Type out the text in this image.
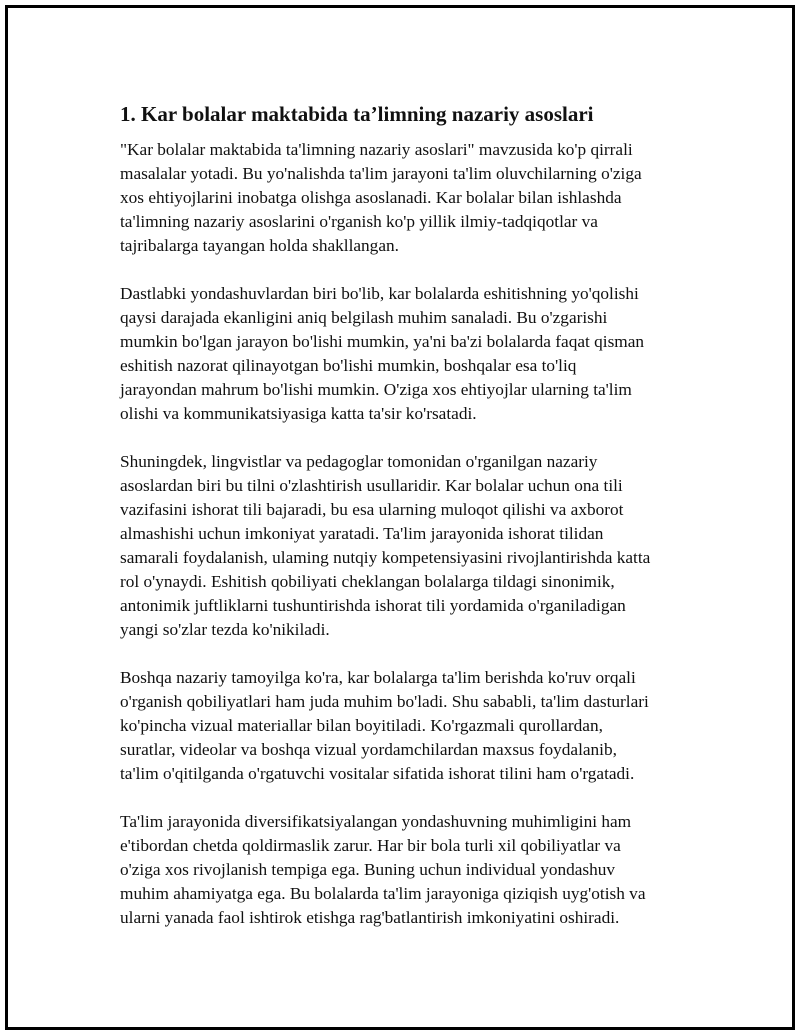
1. Kar bolalar maktabida ta’limning nazariy asoslari
"Kar bolalar maktabida ta'limning nazariy asoslari" mavzusida ko'p qirrali
masalalar yotadi. Bu yo'nalishda ta'lim jarayoni ta'lim oluvchilarning o'ziga
xos ehtiyojlarini inobatga olishga asoslanadi. Kar bolalar bilan ishlashda
ta'limning nazariy asoslarini o'rganish ko'p yillik ilmiy-tadqiqotlar va
tajribalarga tayangan holda shakllangan.
Dastlabki yondashuvlardan biri bo'lib, kar bolalarda eshitishning yo'qolishi
qaysi darajada ekanligini aniq belgilash muhim sanaladi. Bu o'zgarishi
mumkin bo'lgan jarayon bo'lishi mumkin, ya'ni ba'zi bolalarda faqat qisman
eshitish nazorat qilinayotgan bo'lishi mumkin, boshqalar esa to'liq
jarayondan mahrum bo'lishi mumkin. O'ziga xos ehtiyojlar ularning ta'lim
olishi va kommunikatsiyasiga katta ta'sir ko'rsatadi.
Shuningdek, lingvistlar va pedagoglar tomonidan o'rganilgan nazariy
asoslardan biri bu tilni o'zlashtirish usullaridir. Kar bolalar uchun ona tili
vazifasini ishorat tili bajaradi, bu esa ularning muloqot qilishi va axborot
almashishi uchun imkoniyat yaratadi. Ta'lim jarayonida ishorat tilidan
samarali foydalanish, ulaming nutqiy kompetensiyasini rivojlantirishda katta
rol o'ynaydi. Eshitish qobiliyati cheklangan bolalarga tildagi sinonimik,
antonimik juftliklarni tushuntirishda ishorat tili yordamida o'rganiladigan
yangi so'zlar tezda ko'nikiladi.
Boshqa nazariy tamoyilga ko'ra, kar bolalarga ta'lim berishda ko'ruv orqali
o'rganish qobiliyatlari ham juda muhim bo'ladi. Shu sababli, ta'lim dasturlari
ko'pincha vizual materiallar bilan boyitiladi. Ko'rgazmali qurollardan,
suratlar, videolar va boshqa vizual yordamchilardan maxsus foydalanib,
ta'lim o'qitilganda o'rgatuvchi vositalar sifatida ishorat tilini ham o'rgatadi.
Ta'lim jarayonida diversifikatsiyalangan yondashuvning muhimligini ham
e'tibordan chetda qoldirmaslik zarur. Har bir bola turli xil qobiliyatlar va
o'ziga xos rivojlanish tempiga ega. Buning uchun individual yondashuv
muhim ahamiyatga ega. Bu bolalarda ta'lim jarayoniga qiziqish uyg'otish va
ularni yanada faol ishtirok etishga rag'batlantirish imkoniyatini oshiradi.
